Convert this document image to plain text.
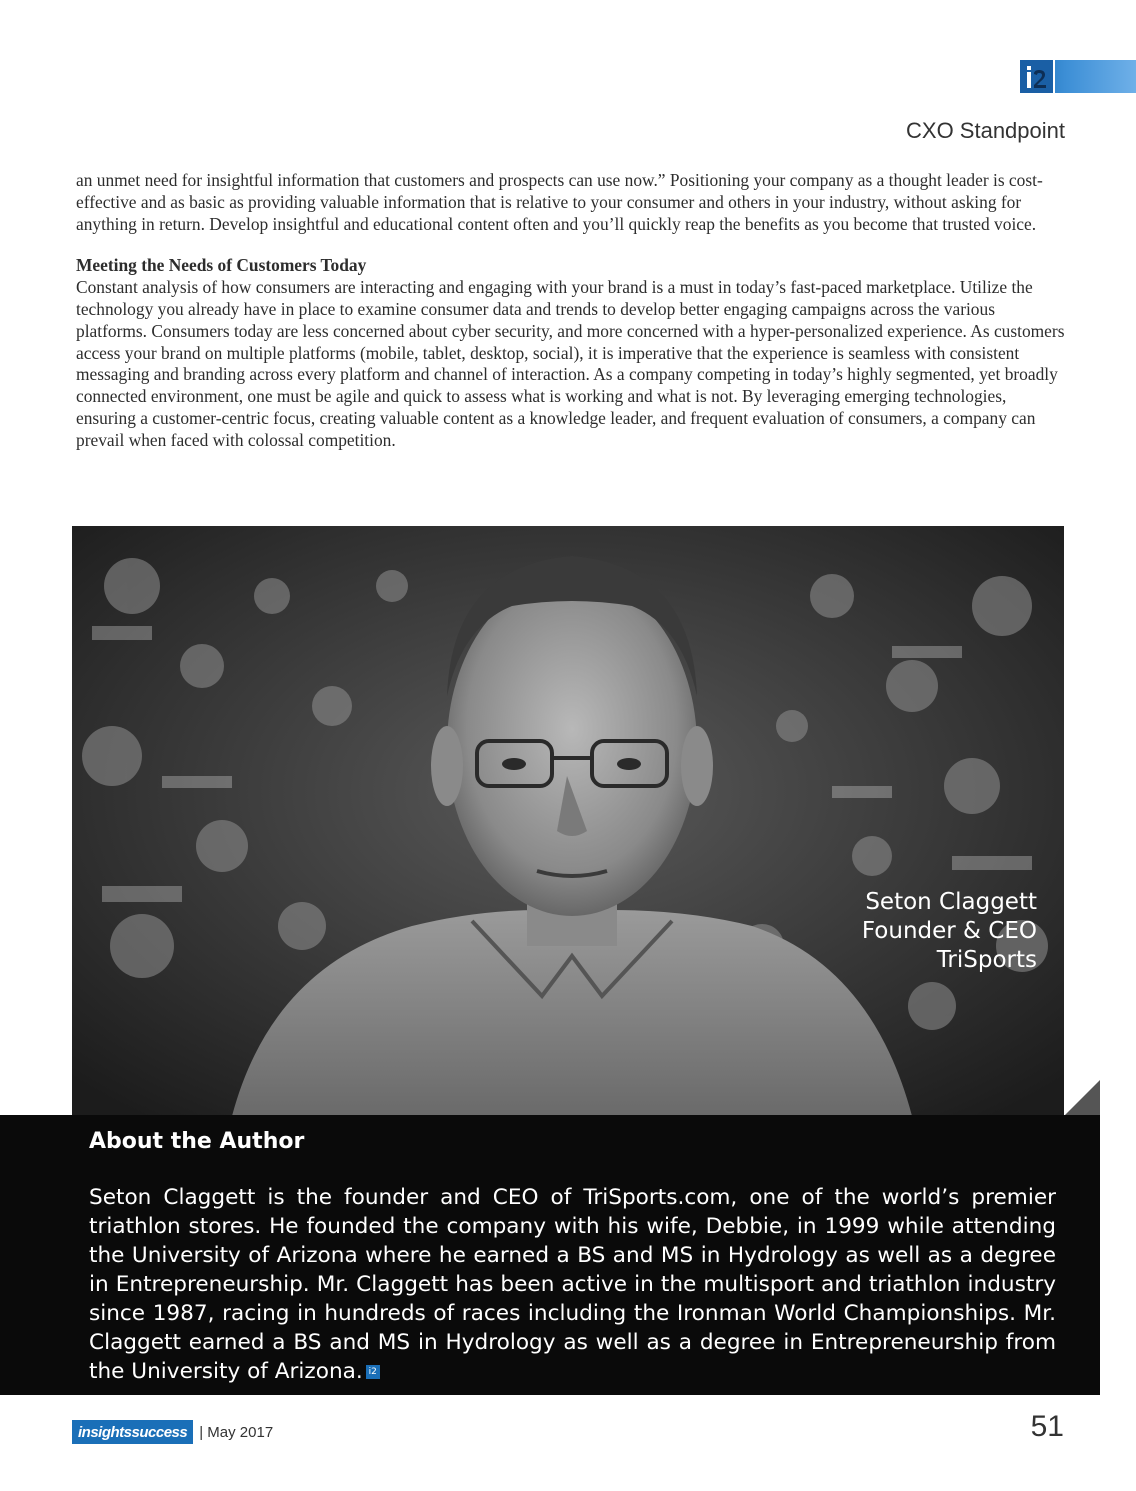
CXO Standpoint

an unmet need for insightful information that customers and prospects can use now.” Positioning your company as a thought leader is cost-effective and as basic as providing valuable information that is relative to your consumer and others in your industry, without asking for anything in return. Develop insightful and educational content often and you’ll quickly reap the benefits as you become that trusted voice.

Meeting the Needs of Customers Today

Constant analysis of how consumers are interacting and engaging with your brand is a must in today’s fast-paced marketplace. Utilize the technology you already have in place to examine consumer data and trends to develop better engaging campaigns across the various platforms. Consumers today are less concerned about cyber security, and more concerned with a hyper-personalized experience. As customers access your brand on multiple platforms (mobile, tablet, desktop, social), it is imperative that the experience is seamless with consistent messaging and branding across every platform and channel of interaction. As a company competing in today’s highly segmented, yet broadly connected environment, one must be agile and quick to assess what is working and what is not. By leveraging emerging technologies, ensuring a customer-centric focus, creating valuable content as a knowledge leader, and frequent evaluation of consumers, a company can prevail when faced with colossal competition.

Seton Claggett
Founder & CEO
TriSports
About the Author

Seton Claggett is the founder and CEO of TriSports.com, one of the world’s premier triathlon stores. He founded the company with his wife, Debbie, in 1999 while attending the University of Arizona where he earned a BS and MS in Hydrology as well as a degree in Entrepreneurship. Mr. Claggett has been active in the multisport and triathlon industry since 1987, racing in hundreds of races including the Ironman World Championships. Mr. Claggett earned a BS and MS in Hydrology as well as a degree in Entrepreneurship from the University of Arizona. i2

insightssuccess | May 2017	51
